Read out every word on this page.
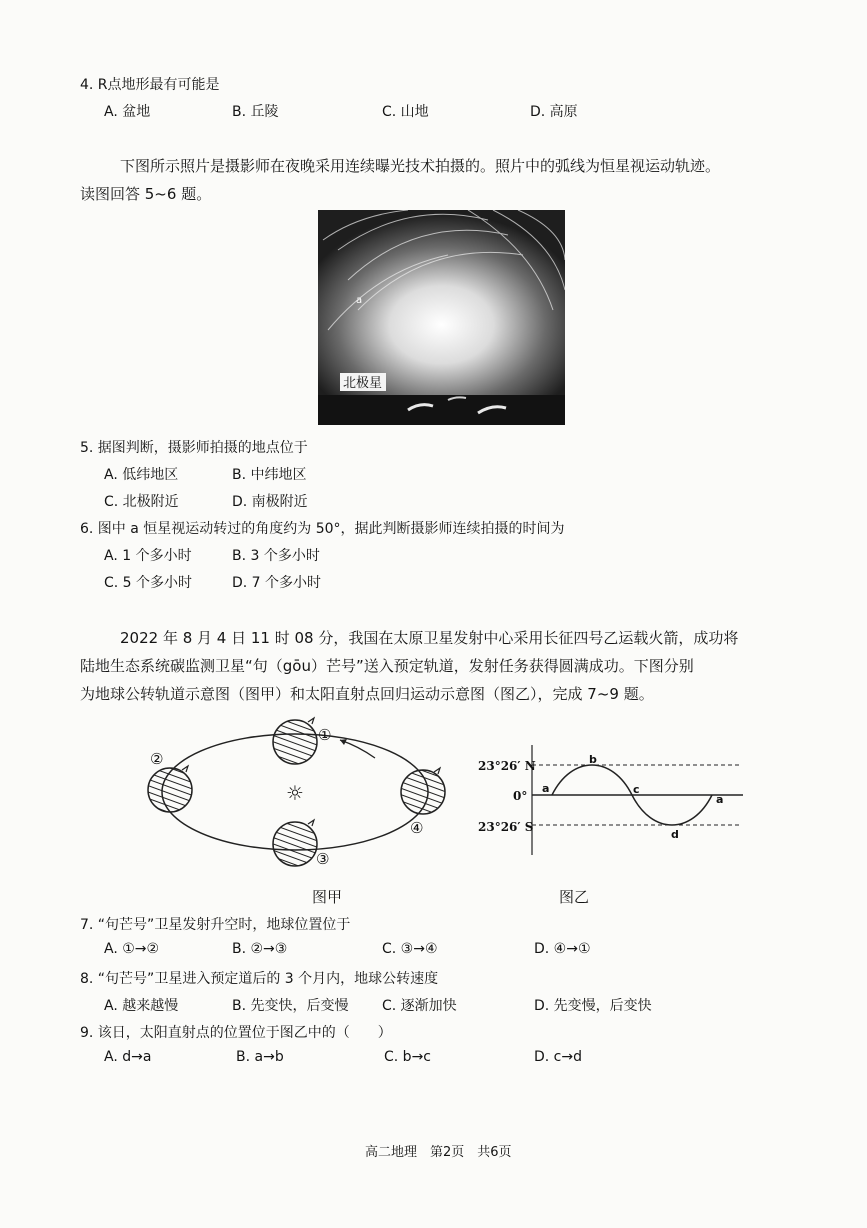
4. R点地形最有可能是
A. 盆地	B. 丘陵	C. 山地	D. 高原
下图所示照片是摄影师在夜晚采用连续曝光技术拍摄的。照片中的弧线为恒星视运动轨迹。
读图回答 5~6 题。
a
北极星
5. 据图判断，摄影师拍摄的地点位于
A. 低纬地区	B. 中纬地区
C. 北极附近	D. 南极附近
6. 图中 a 恒星视运动转过的角度约为 50°，据此判断摄影师连续拍摄的时间为
A. 1 个多小时	B. 3 个多小时
C. 5 个多小时	D. 7 个多小时
2022 年 8 月 4 日 11 时 08 分，我国在太原卫星发射中心采用长征四号乙运载火箭，成功将
陆地生态系统碳监测卫星“句（gōu）芒号”送入预定轨道，发射任务获得圆满成功。下图分别
为地球公转轨道示意图（图甲）和太阳直射点回归运动示意图（图乙），完成 7~9 题。
☼
①
②
③
④
图甲
23°26′ N
0°
23°26′ S
a
b
c
d
a
图乙
7. “句芒号”卫星发射升空时，地球位置位于
A. ①→②	B. ②→③	C. ③→④	D. ④→①
8. “句芒号”卫星进入预定道后的 3 个月内，地球公转速度
A. 越来越慢	B. 先变快，后变慢 C. 逐渐加快	D. 先变慢，后变快
9. 该日，太阳直射点的位置位于图乙中的（　　）
A. d→a	B. a→b	C. b→c	D. c→d
高二地理　第2页　共6页
